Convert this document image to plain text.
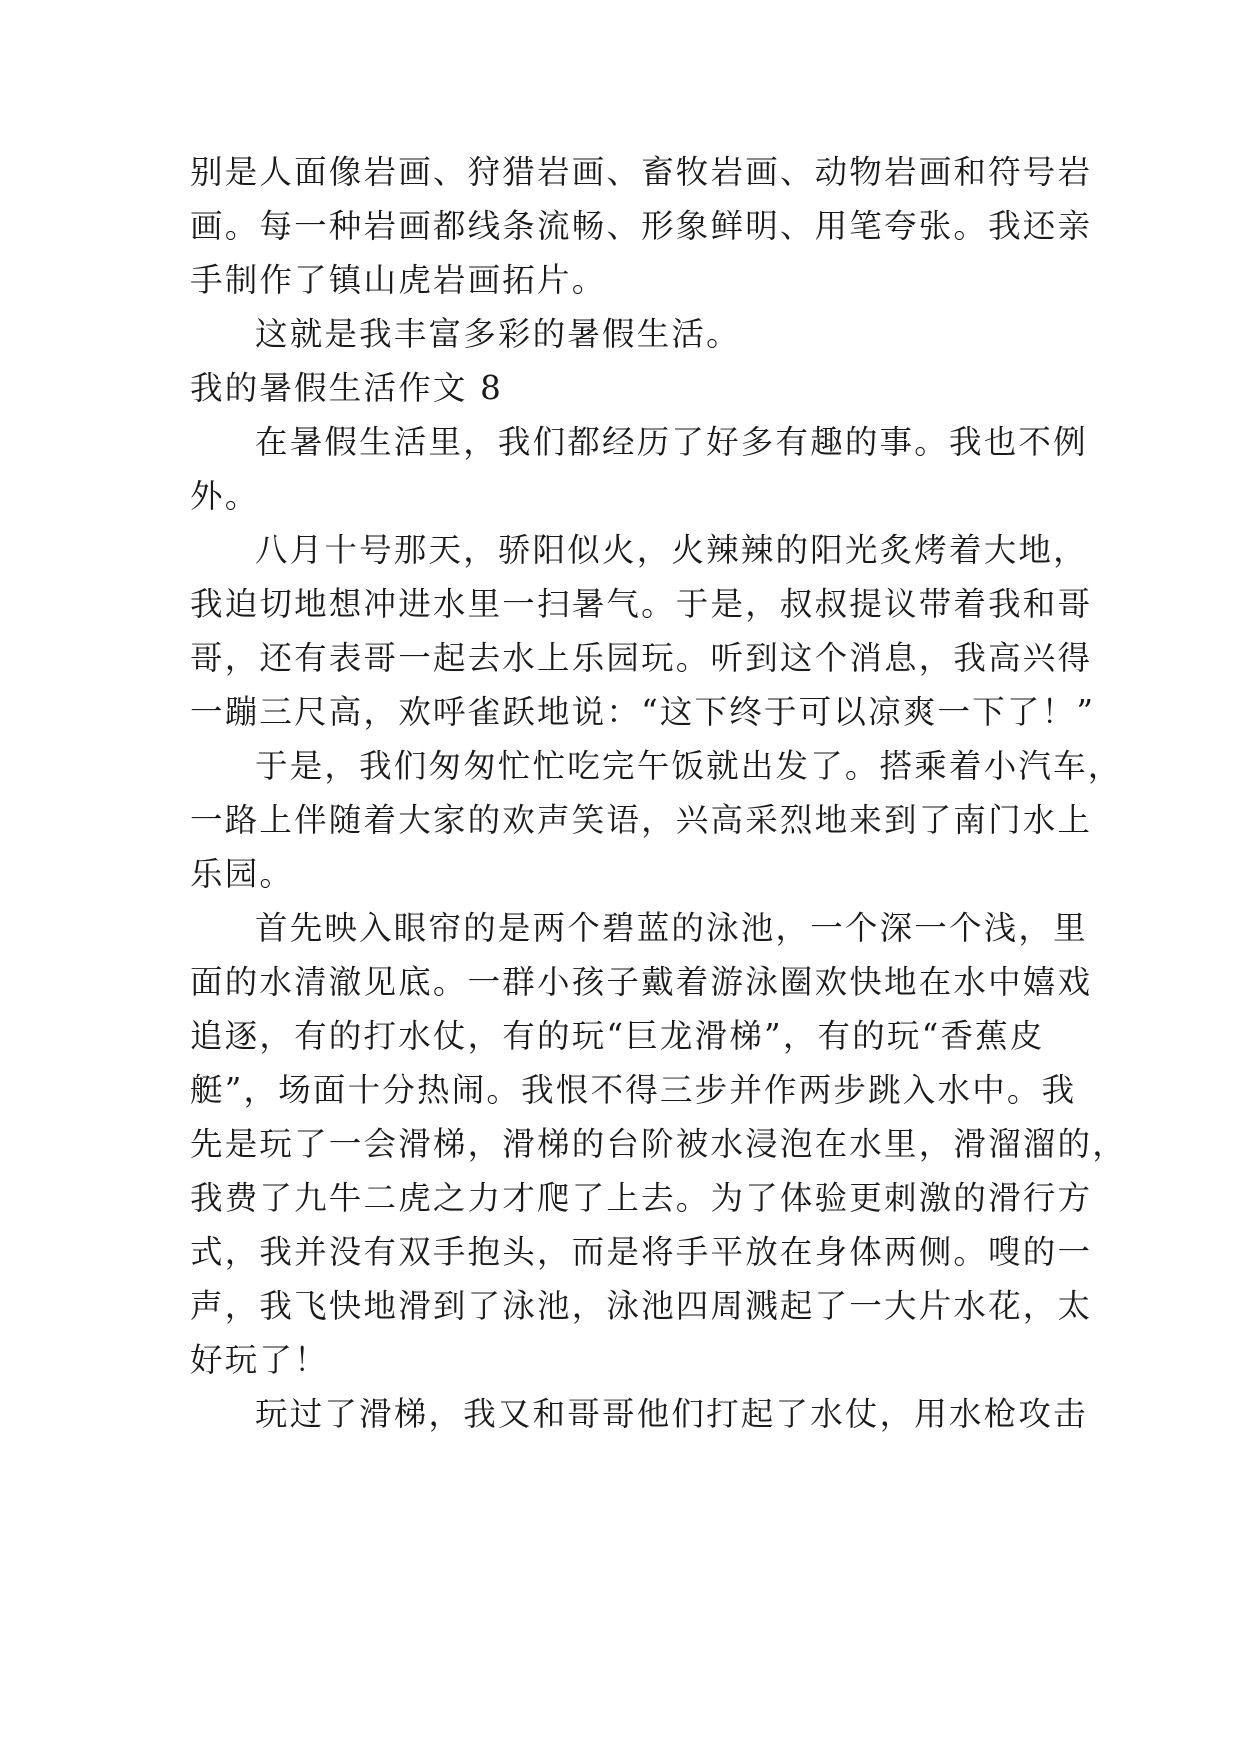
别是人面像岩画、狩猎岩画、畜牧岩画、动物岩画和符号岩
画。每一种岩画都线条流畅、形象鲜明、用笔夸张。我还亲
手制作了镇山虎岩画拓片。
这就是我丰富多彩的暑假生活。
我的暑假生活作文 8
在暑假生活里，我们都经历了好多有趣的事。我也不例
外。
八月十号那天，骄阳似火，火辣辣的阳光炙烤着大地，
我迫切地想冲进水里一扫暑气。于是，叔叔提议带着我和哥
哥，还有表哥一起去水上乐园玩。听到这个消息，我高兴得
一蹦三尺高，欢呼雀跃地说：“这下终于可以凉爽一下了！”
于是，我们匆匆忙忙吃完午饭就出发了。搭乘着小汽车，
一路上伴随着大家的欢声笑语，兴高采烈地来到了南门水上
乐园。
首先映入眼帘的是两个碧蓝的泳池，一个深一个浅，里
面的水清澈见底。一群小孩子戴着游泳圈欢快地在水中嬉戏
追逐，有的打水仗，有的玩“巨龙滑梯”，有的玩“香蕉皮
艇”，场面十分热闹。我恨不得三步并作两步跳入水中。我
先是玩了一会滑梯，滑梯的台阶被水浸泡在水里，滑溜溜的，
我费了九牛二虎之力才爬了上去。为了体验更刺激的滑行方
式，我并没有双手抱头，而是将手平放在身体两侧。嗖的一
声，我飞快地滑到了泳池，泳池四周溅起了一大片水花，太
好玩了！
玩过了滑梯，我又和哥哥他们打起了水仗，用水枪攻击
